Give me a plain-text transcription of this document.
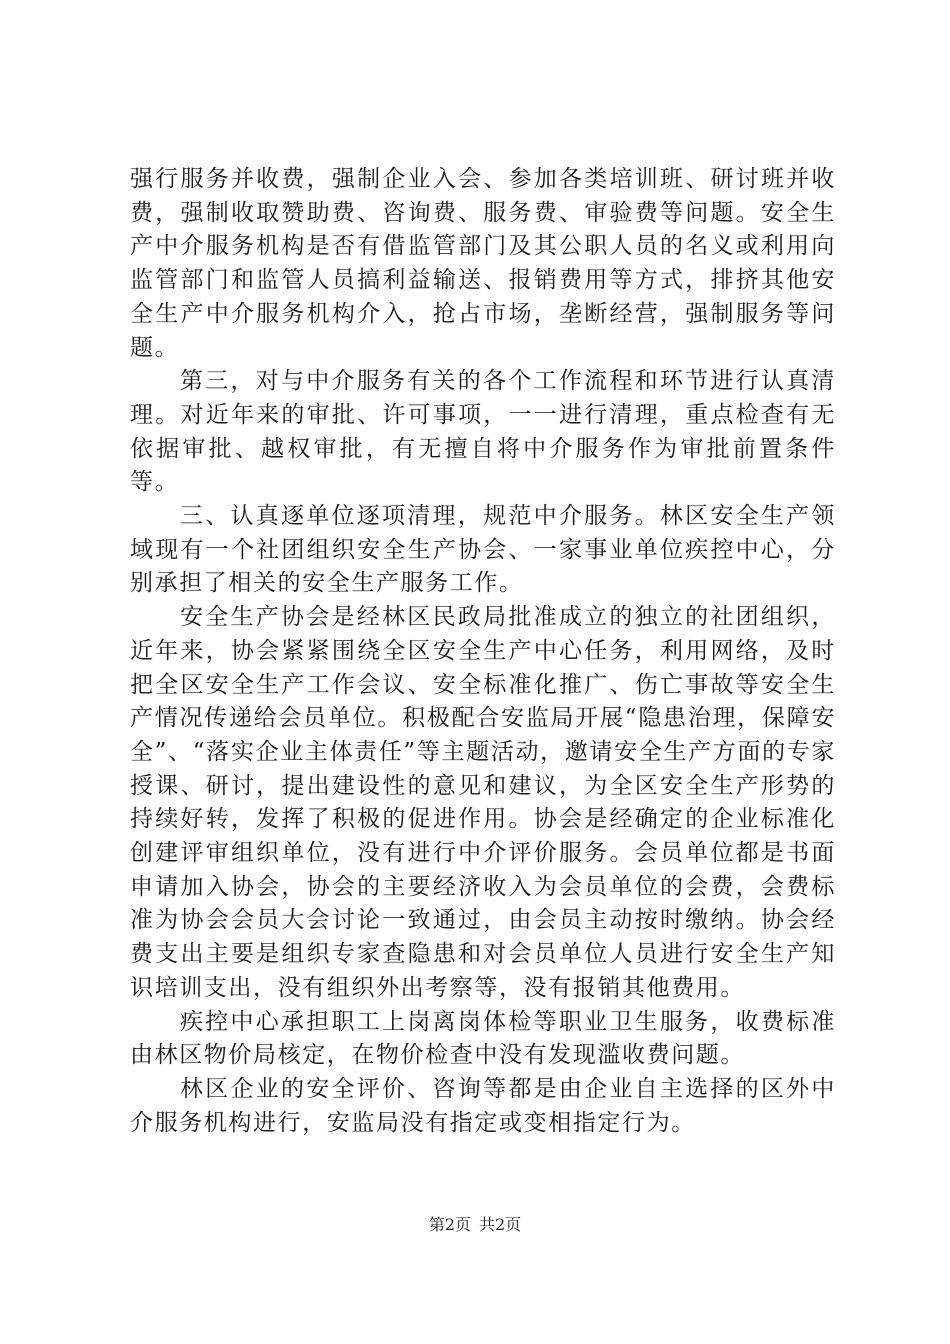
强行服务并收费，强制企业入会、参加各类培训班、研讨班并收费，强制收取赞助费、咨询费、服务费、审验费等问题。安全生产中介服务机构是否有借监管部门及其公职人员的名义或利用向监管部门和监管人员搞利益输送、报销费用等方式，排挤其他安全生产中介服务机构介入，抢占市场，垄断经营，强制服务等问题。

第三，对与中介服务有关的各个工作流程和环节进行认真清理。对近年来的审批、许可事项，一一进行清理，重点检查有无依据审批、越权审批，有无擅自将中介服务作为审批前置条件等。

三、认真逐单位逐项清理，规范中介服务。林区安全生产领域现有一个社团组织安全生产协会、一家事业单位疾控中心，分别承担了相关的安全生产服务工作。

安全生产协会是经林区民政局批准成立的独立的社团组织，近年来，协会紧紧围绕全区安全生产中心任务，利用网络，及时把全区安全生产工作会议、安全标准化推广、伤亡事故等安全生产情况传递给会员单位。积极配合安监局开展“隐患治理，保障安全”、“落实企业主体责任”等主题活动，邀请安全生产方面的专家授课、研讨，提出建设性的意见和建议，为全区安全生产形势的持续好转，发挥了积极的促进作用。协会是经确定的企业标准化创建评审组织单位，没有进行中介评价服务。会员单位都是书面申请加入协会，协会的主要经济收入为会员单位的会费，会费标准为协会会员大会讨论一致通过，由会员主动按时缴纳。协会经费支出主要是组织专家查隐患和对会员单位人员进行安全生产知识培训支出，没有组织外出考察等，没有报销其他费用。

疾控中心承担职工上岗离岗体检等职业卫生服务，收费标准由林区物价局核定，在物价检查中没有发现滥收费问题。

林区企业的安全评价、咨询等都是由企业自主选择的区外中介服务机构进行，安监局没有指定或变相指定行为。

第2页 共2页
